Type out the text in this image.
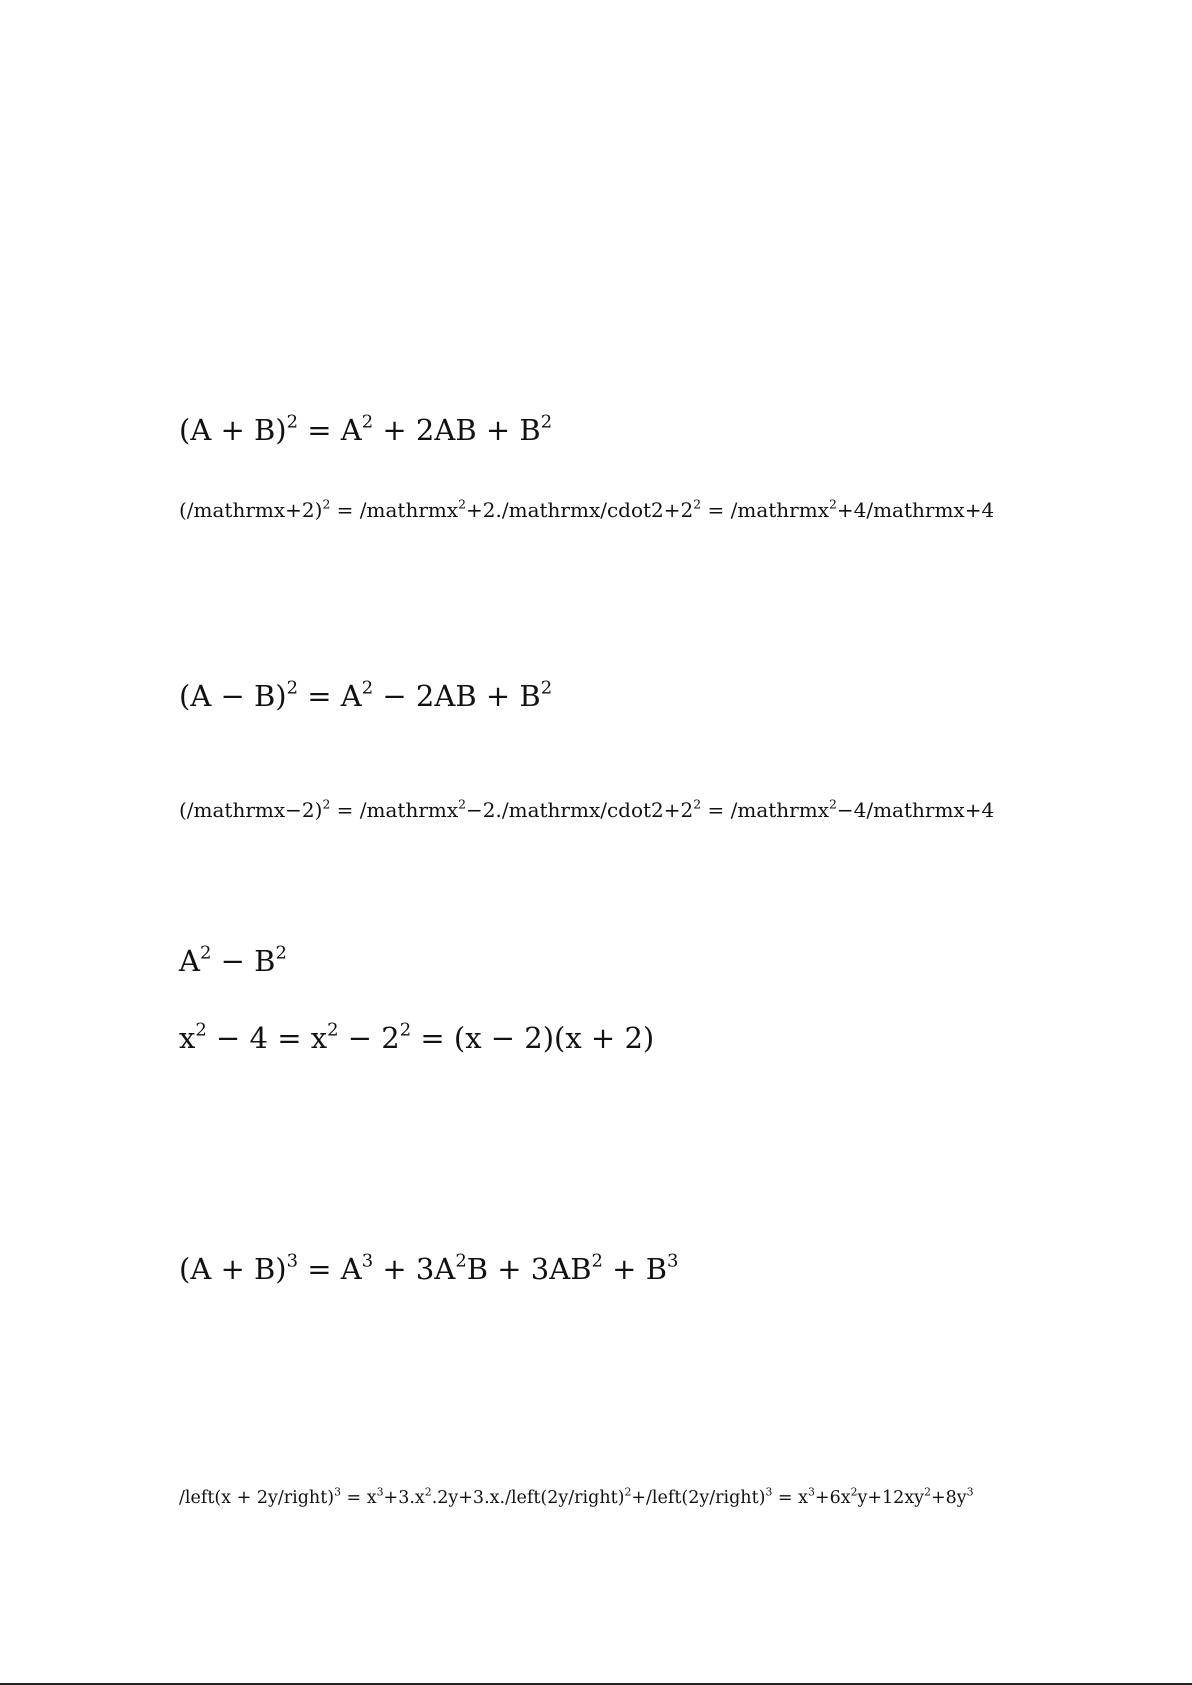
$(A + B)^2 = A^2 + 2AB + B^2$
(/mathrmx+2)$^2$ = $/mathrmx^2+2./mathrmx/cdot2+2^2$ = /mathrmx$^2$+4/mathrmx+4
$(A - B)^2 = A^2 - 2AB + B^2$
(/mathrmx−2)$^2$ = $/mathrmx^2-2./mathrmx/cdot2+2^2$ = /mathrmx$^2$−4/mathrmx+4
$A^2 - B^2$
$x^2 - 4 = x^2 - 2^2 = (x - 2)(x + 2)$
$(A + B)^3 = A^3 + 3A^2B + 3AB^2 + B^3$
/left(x + 2y/right)$^3$ = $x^3+3.x^2.2y+3.x./left(2y/right)^2+/left(2y/right)^3 = x^3+6x^2y+12xy^2+8y^3$
